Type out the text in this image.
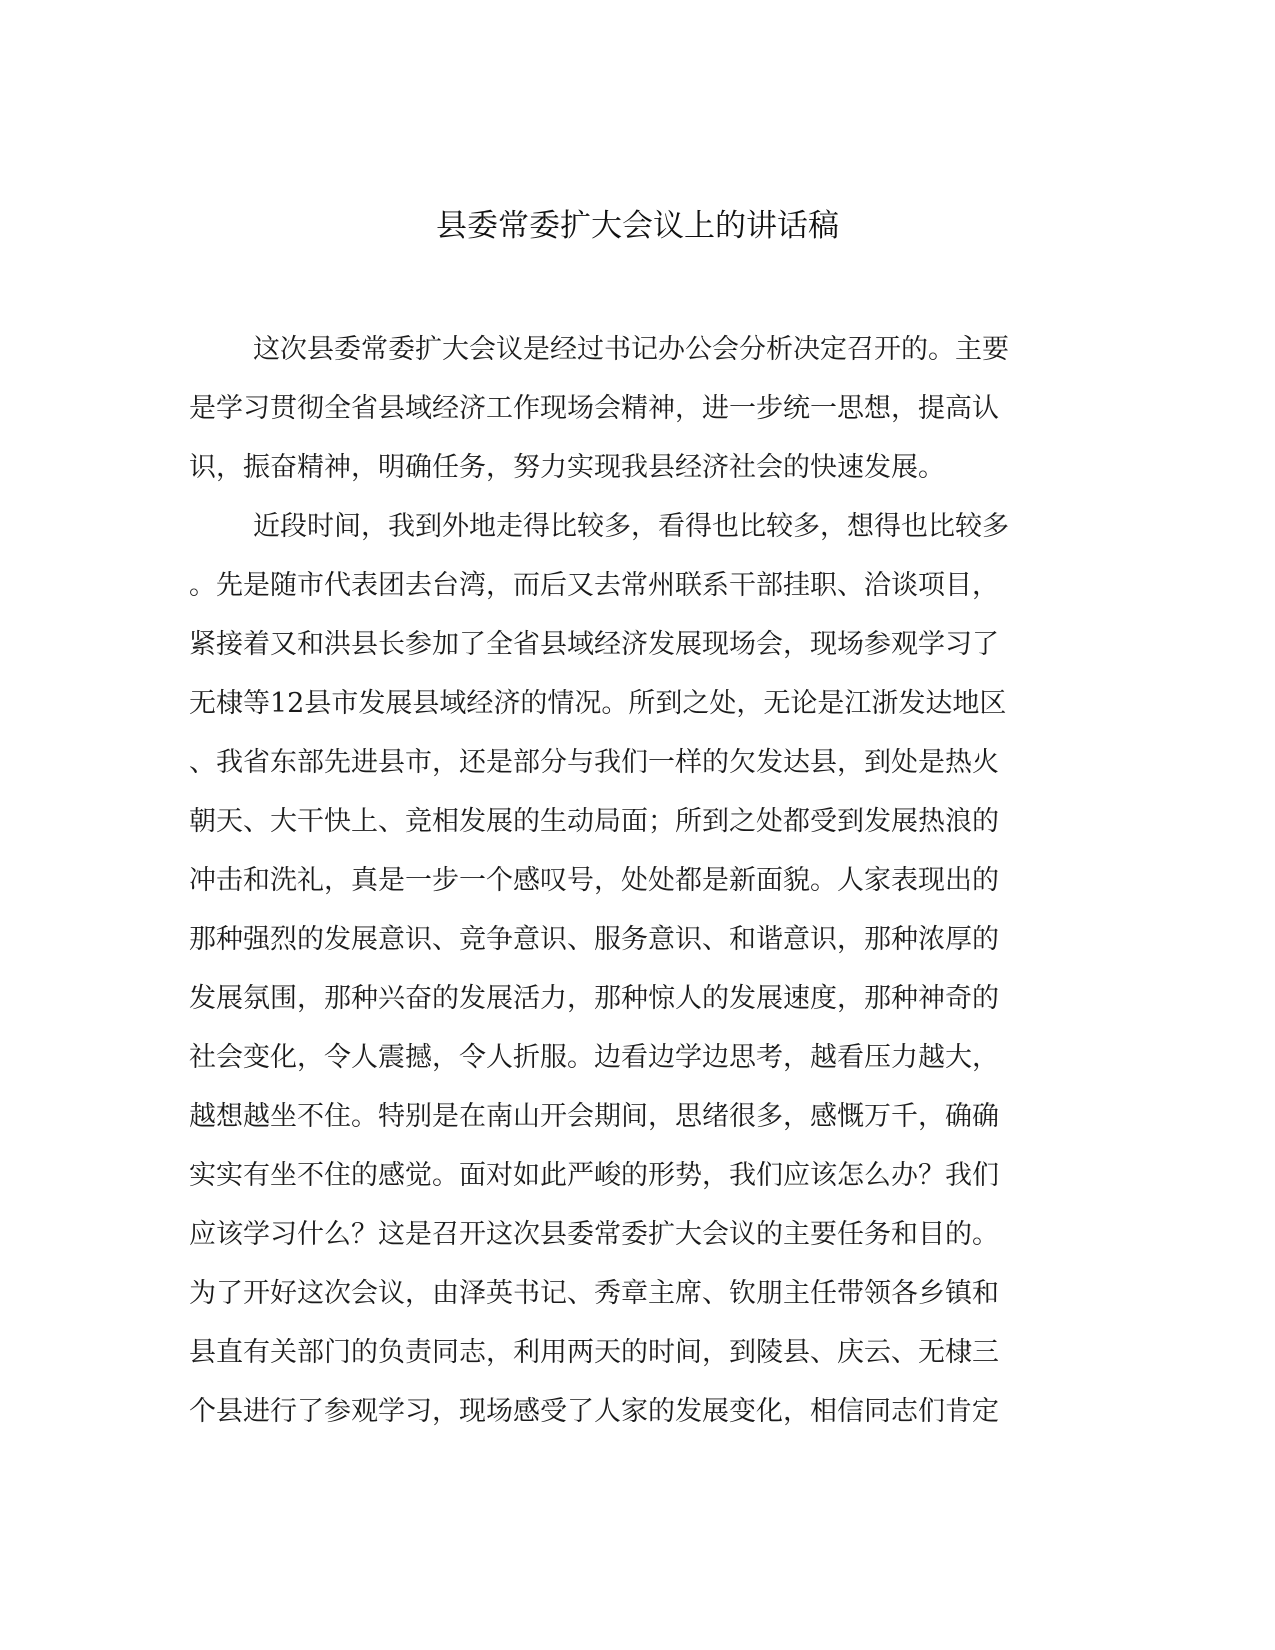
县委常委扩大会议上的讲话稿
这次县委常委扩大会议是经过书记办公会分析决定召开的。主要
是学习贯彻全省县域经济工作现场会精神，进一步统一思想，提高认
识，振奋精神，明确任务，努力实现我县经济社会的快速发展。
近段时间，我到外地走得比较多，看得也比较多，想得也比较多
。先是随市代表团去台湾，而后又去常州联系干部挂职、洽谈项目，
紧接着又和洪县长参加了全省县域经济发展现场会，现场参观学习了
无棣等12县市发展县域经济的情况。所到之处，无论是江浙发达地区
、我省东部先进县市，还是部分与我们一样的欠发达县，到处是热火
朝天、大干快上、竞相发展的生动局面；所到之处都受到发展热浪的
冲击和洗礼，真是一步一个感叹号，处处都是新面貌。人家表现出的
那种强烈的发展意识、竞争意识、服务意识、和谐意识，那种浓厚的
发展氛围，那种兴奋的发展活力，那种惊人的发展速度，那种神奇的
社会变化，令人震撼，令人折服。边看边学边思考，越看压力越大，
越想越坐不住。特别是在南山开会期间，思绪很多，感慨万千，确确
实实有坐不住的感觉。面对如此严峻的形势，我们应该怎么办？我们
应该学习什么？这是召开这次县委常委扩大会议的主要任务和目的。
为了开好这次会议，由泽英书记、秀章主席、钦朋主任带领各乡镇和
县直有关部门的负责同志，利用两天的时间，到陵县、庆云、无棣三
个县进行了参观学习，现场感受了人家的发展变化，相信同志们肯定
